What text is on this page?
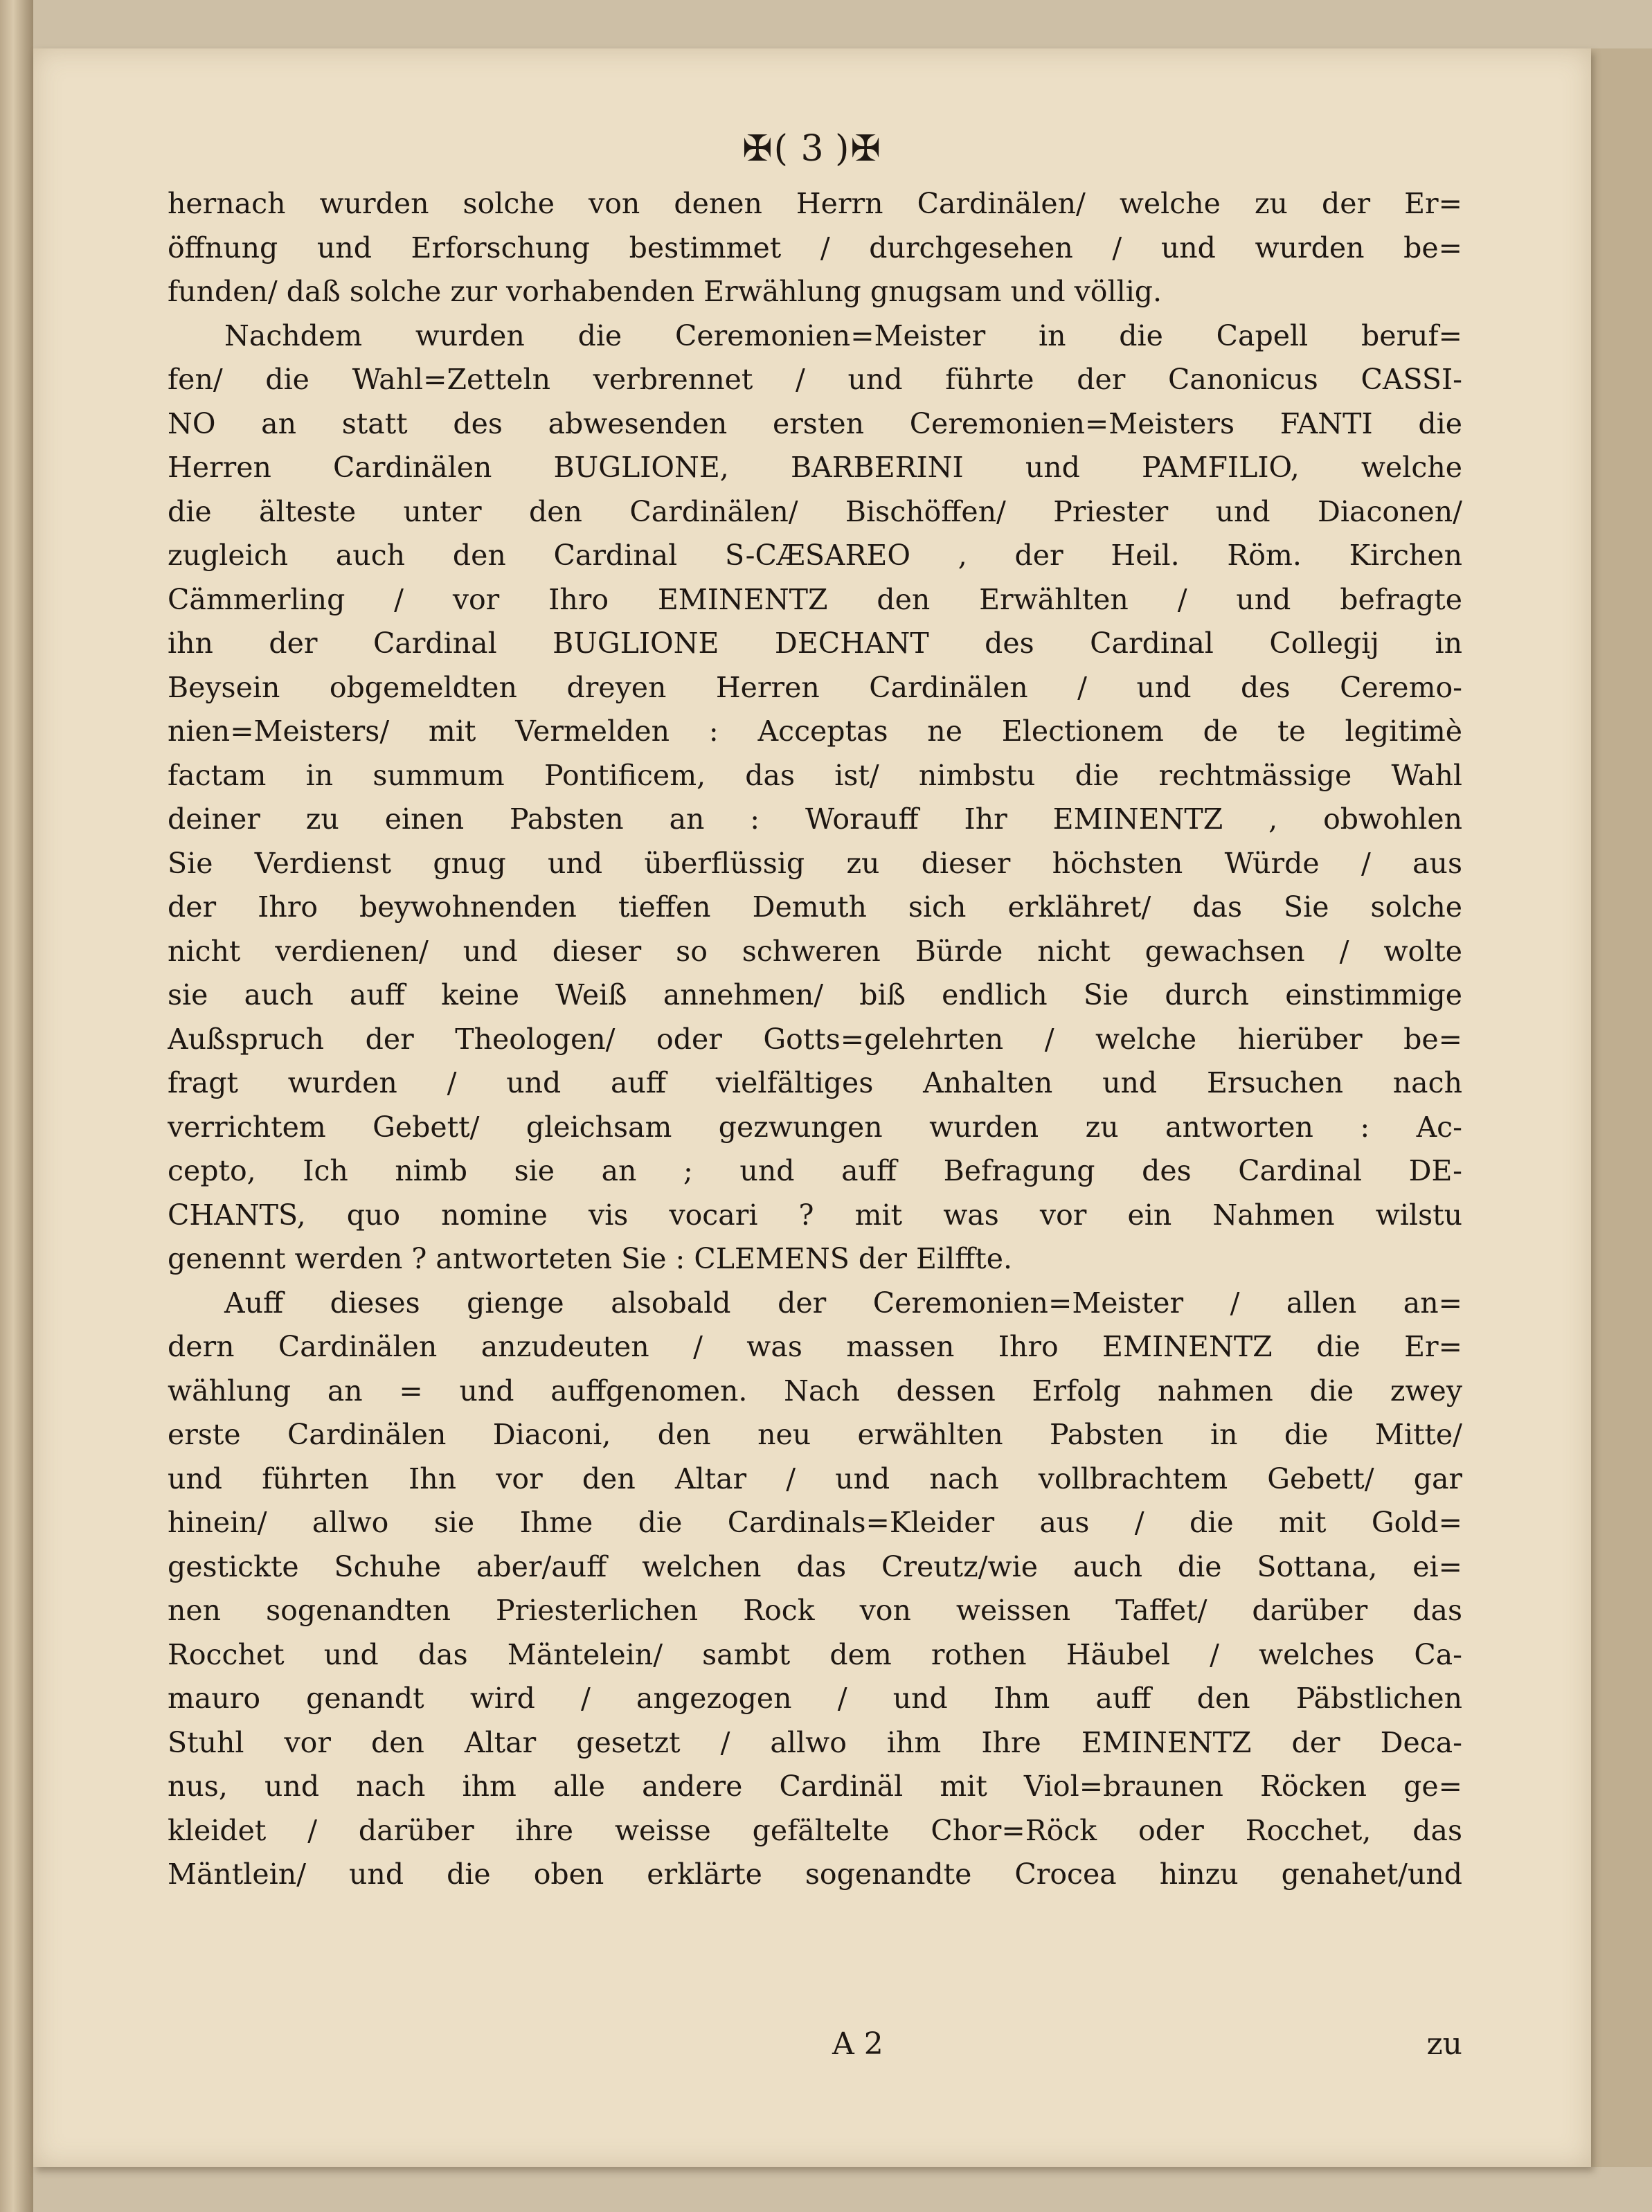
✠( 3 )✠
hernach wurden solche von denen Herrn Cardinälen/ welche zu der Er=
öffnung und Erforschung bestimmet / durchgesehen / und wurden be=
funden/ daß solche zur vorhabenden Erwählung gnugsam und völlig.
Nachdem wurden die Ceremonien=Meister in die Capell beruf=
fen/ die Wahl=Zetteln verbrennet / und führte der Canonicus CASSI-
NO an statt des abwesenden ersten Ceremonien=Meisters FANTI die
Herren Cardinälen BUGLIONE, BARBERINI und PAMFILIO, welche
die älteste unter den Cardinälen/ Bischöffen/ Priester und Diaconen/
zugleich auch den Cardinal S-CÆSAREO , der Heil. Röm. Kirchen
Cämmerling / vor Ihro EMINENTZ den Erwählten / und befragte
ihn der Cardinal BUGLIONE DECHANT des Cardinal Collegij in
Beysein obgemeldten dreyen Herren Cardinälen / und des Ceremo-
nien=Meisters/ mit Vermelden : Acceptas ne Electionem de te legitimè
factam in summum Pontificem, das ist/ nimbstu die rechtmässige Wahl
deiner zu einen Pabsten an : Worauff Ihr EMINENTZ , obwohlen
Sie Verdienst gnug und überflüssig zu dieser höchsten Würde / aus
der Ihro beywohnenden tieffen Demuth sich erklähret/ das Sie solche
nicht verdienen/ und dieser so schweren Bürde nicht gewachsen / wolte
sie auch auff keine Weiß annehmen/ biß endlich Sie durch einstimmige
Außspruch der Theologen/ oder Gotts=gelehrten / welche hierüber be=
fragt wurden / und auff vielfältiges Anhalten und Ersuchen nach
verrichtem Gebett/ gleichsam gezwungen wurden zu antworten : Ac-
cepto, Ich nimb sie an ; und auff Befragung des Cardinal DE-
CHANTS, quo nomine vis vocari ? mit was vor ein Nahmen wilstu
genennt werden ? antworteten Sie : CLEMENS der Eilffte.
Auff dieses gienge alsobald der Ceremonien=Meister / allen an=
dern Cardinälen anzudeuten / was massen Ihro EMINENTZ die Er=
wählung an = und auffgenomen. Nach dessen Erfolg nahmen die zwey
erste Cardinälen Diaconi, den neu erwählten Pabsten in die Mitte/
und führten Ihn vor den Altar / und nach vollbrachtem Gebett/ gar
hinein/ allwo sie Ihme die Cardinals=Kleider aus / die mit Gold=
gestickte Schuhe aber/auff welchen das Creutz/wie auch die Sottana, ei=
nen sogenandten Priesterlichen Rock von weissen Taffet/ darüber das
Rocchet und das Mäntelein/ sambt dem rothen Häubel / welches Ca-
mauro genandt wird / angezogen / und Ihm auff den Päbstlichen
Stuhl vor den Altar gesetzt / allwo ihm Ihre EMINENTZ der Deca-
nus, und nach ihm alle andere Cardinäl mit Viol=braunen Röcken ge=
kleidet / darüber ihre weisse gefältelte Chor=Röck oder Rocchet, das
Mäntlein/ und die oben erklärte sogenandte Crocea hinzu genahet/und
A 2	zu
